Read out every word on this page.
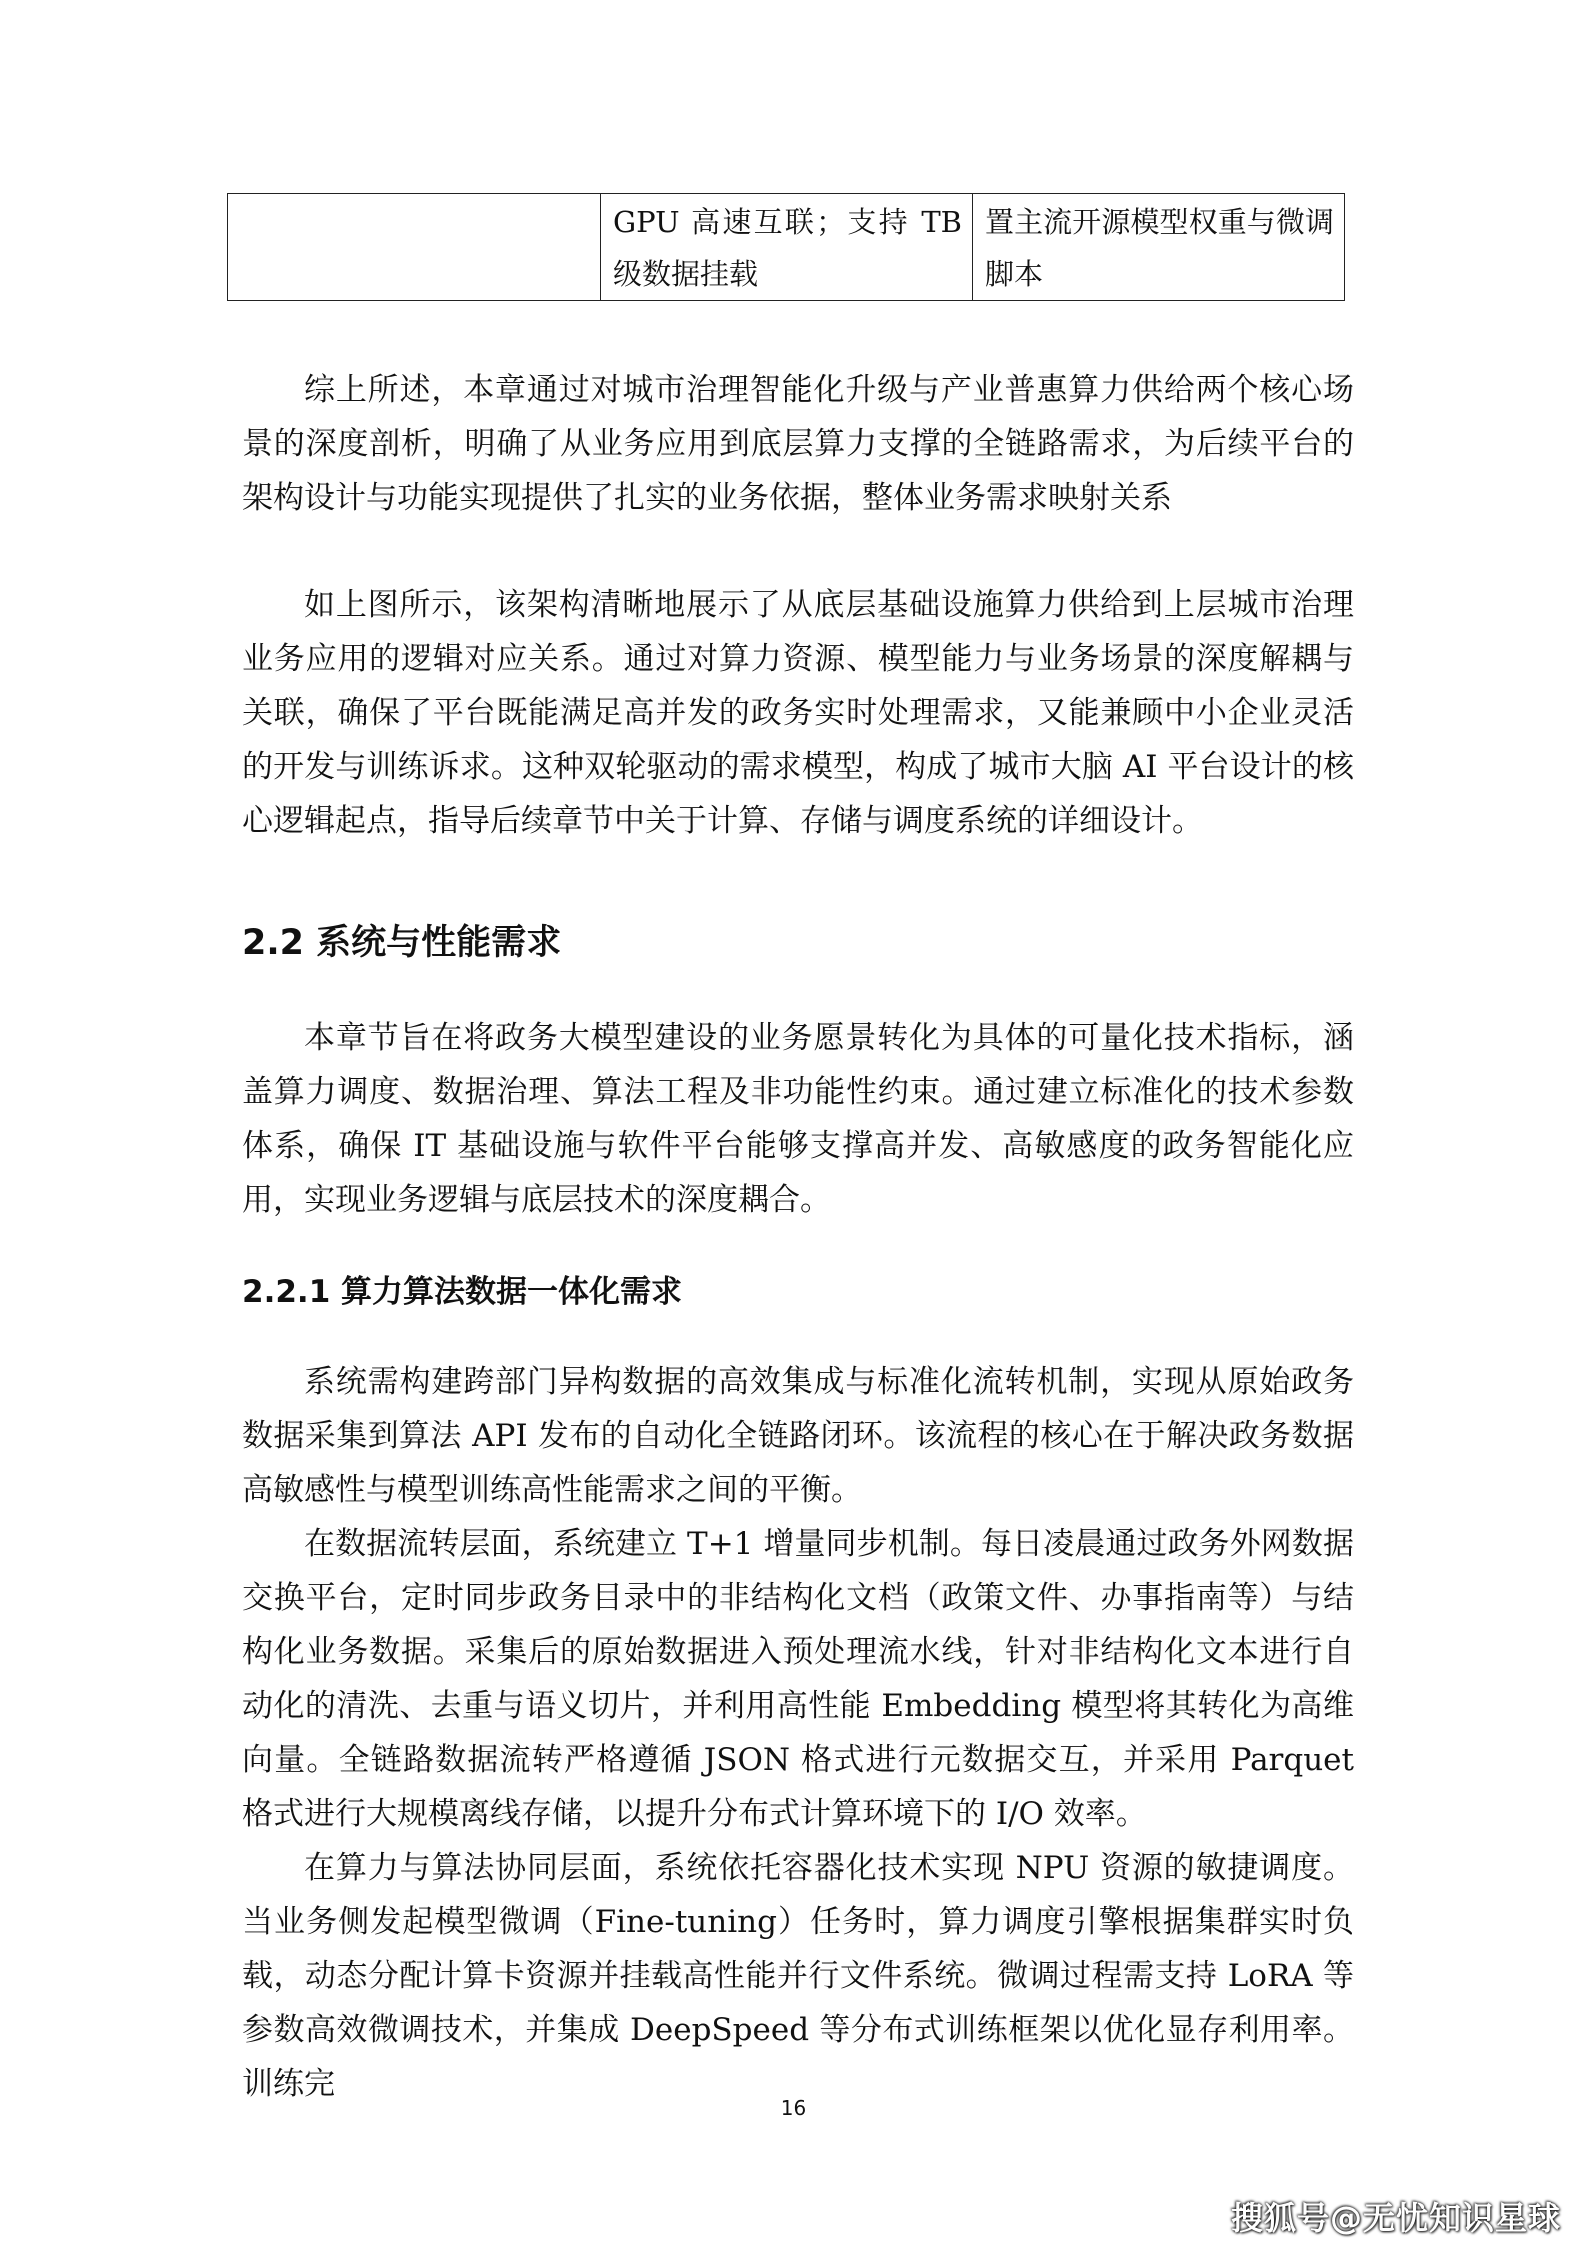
	GPU 高速互联；支持 TB 级数据挂载	置主流开源模型权重与微调脚本

综上所述，本章通过对城市治理智能化升级与产业普惠算力供给两个核心场景的深度剖析，明确了从业务应用到底层算力支撑的全链路需求，为后续平台的架构设计与功能实现提供了扎实的业务依据，整体业务需求映射关系

如上图所示，该架构清晰地展示了从底层基础设施算力供给到上层城市治理业务应用的逻辑对应关系。通过对算力资源、模型能力与业务场景的深度解耦与关联，确保了平台既能满足高并发的政务实时处理需求，又能兼顾中小企业灵活的开发与训练诉求。这种双轮驱动的需求模型，构成了城市大脑 AI 平台设计的核心逻辑起点，指导后续章节中关于计算、存储与调度系统的详细设计。

2.2 系统与性能需求

本章节旨在将政务大模型建设的业务愿景转化为具体的可量化技术指标，涵盖算力调度、数据治理、算法工程及非功能性约束。通过建立标准化的技术参数体系，确保 IT 基础设施与软件平台能够支撑高并发、高敏感度的政务智能化应用，实现业务逻辑与底层技术的深度耦合。

2.2.1 算力算法数据一体化需求

系统需构建跨部门异构数据的高效集成与标准化流转机制，实现从原始政务数据采集到算法 API 发布的自动化全链路闭环。该流程的核心在于解决政务数据高敏感性与模型训练高性能需求之间的平衡。

在数据流转层面，系统建立 T+1 增量同步机制。每日凌晨通过政务外网数据交换平台，定时同步政务目录中的非结构化文档（政策文件、办事指南等）与结构化业务数据。采集后的原始数据进入预处理流水线，针对非结构化文本进行自动化的清洗、去重与语义切片，并利用高性能 Embedding 模型将其转化为高维向量。全链路数据流转严格遵循 JSON 格式进行元数据交互，并采用 Parquet 格式进行大规模离线存储，以提升分布式计算环境下的 I/O 效率。

在算力与算法协同层面，系统依托容器化技术实现 NPU 资源的敏捷调度。当业务侧发起模型微调（Fine-tuning）任务时，算力调度引擎根据集群实时负载，动态分配计算卡资源并挂载高性能并行文件系统。微调过程需支持 LoRA 等参数高效微调技术，并集成 DeepSpeed 等分布式训练框架以优化显存利用率。训练完

16
搜狐号@无忧知识星球
